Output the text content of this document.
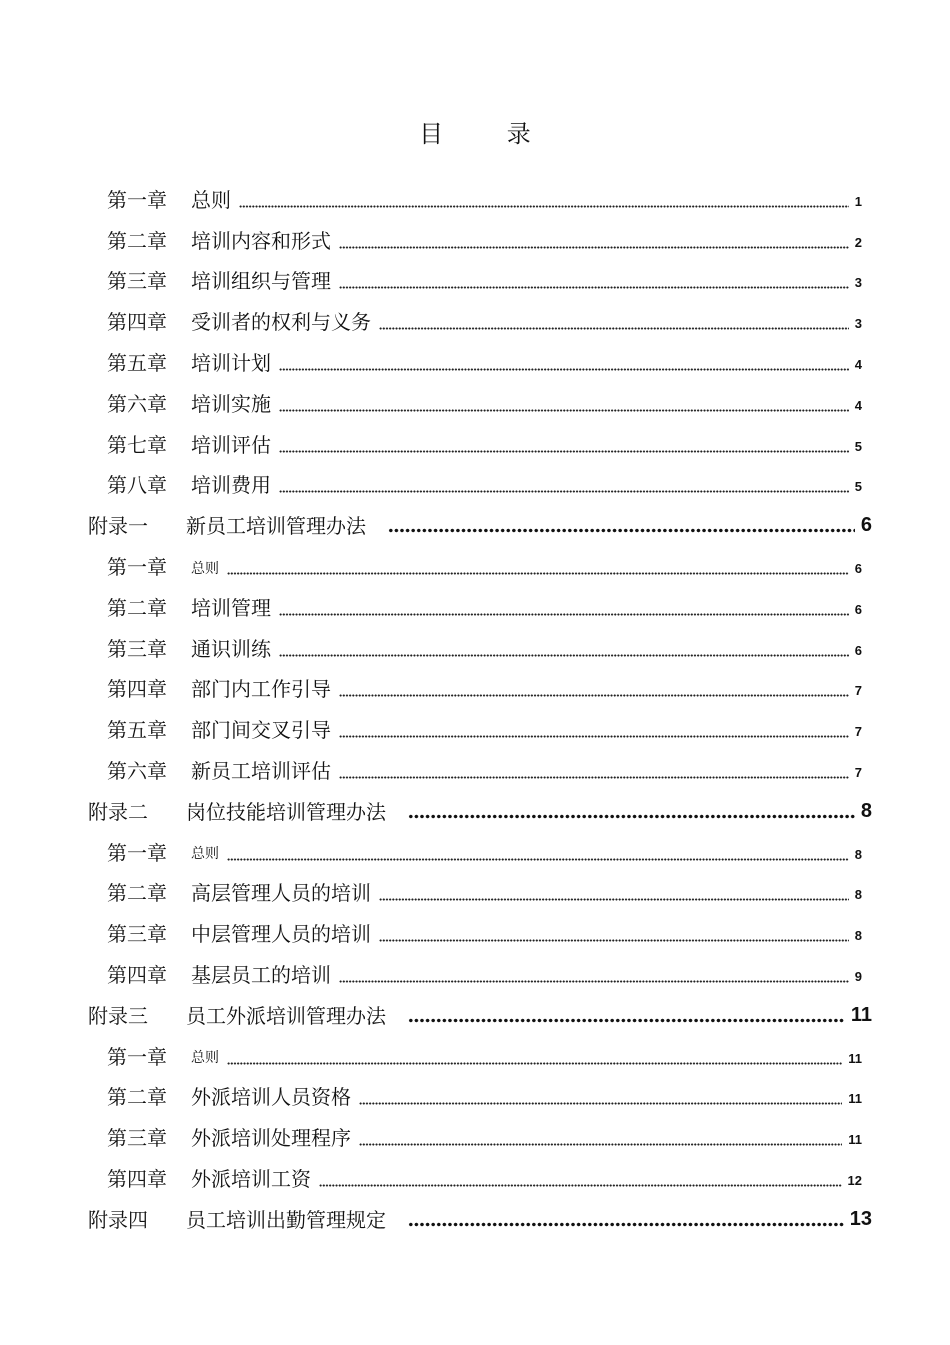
目 录
第一章	总则	1
第二章	培训内容和形式	2
第三章	培训组织与管理	3
第四章	受训者的权利与义务	3
第五章	培训计划	4
第六章	培训实施	4
第七章	培训评估	5
第八章	培训费用	5
附录一	新员工培训管理办法	6
第一章	总则	6
第二章	培训管理	6
第三章	通识训练	6
第四章	部门内工作引导	7
第五章	部门间交叉引导	7
第六章	新员工培训评估	7
附录二	岗位技能培训管理办法	8
第一章	总则	8
第二章	高层管理人员的培训	8
第三章	中层管理人员的培训	8
第四章	基层员工的培训	9
附录三	员工外派培训管理办法	11
第一章	总则	11
第二章	外派培训人员资格	11
第三章	外派培训处理程序	11
第四章	外派培训工资	12
附录四	员工培训出勤管理规定	13
